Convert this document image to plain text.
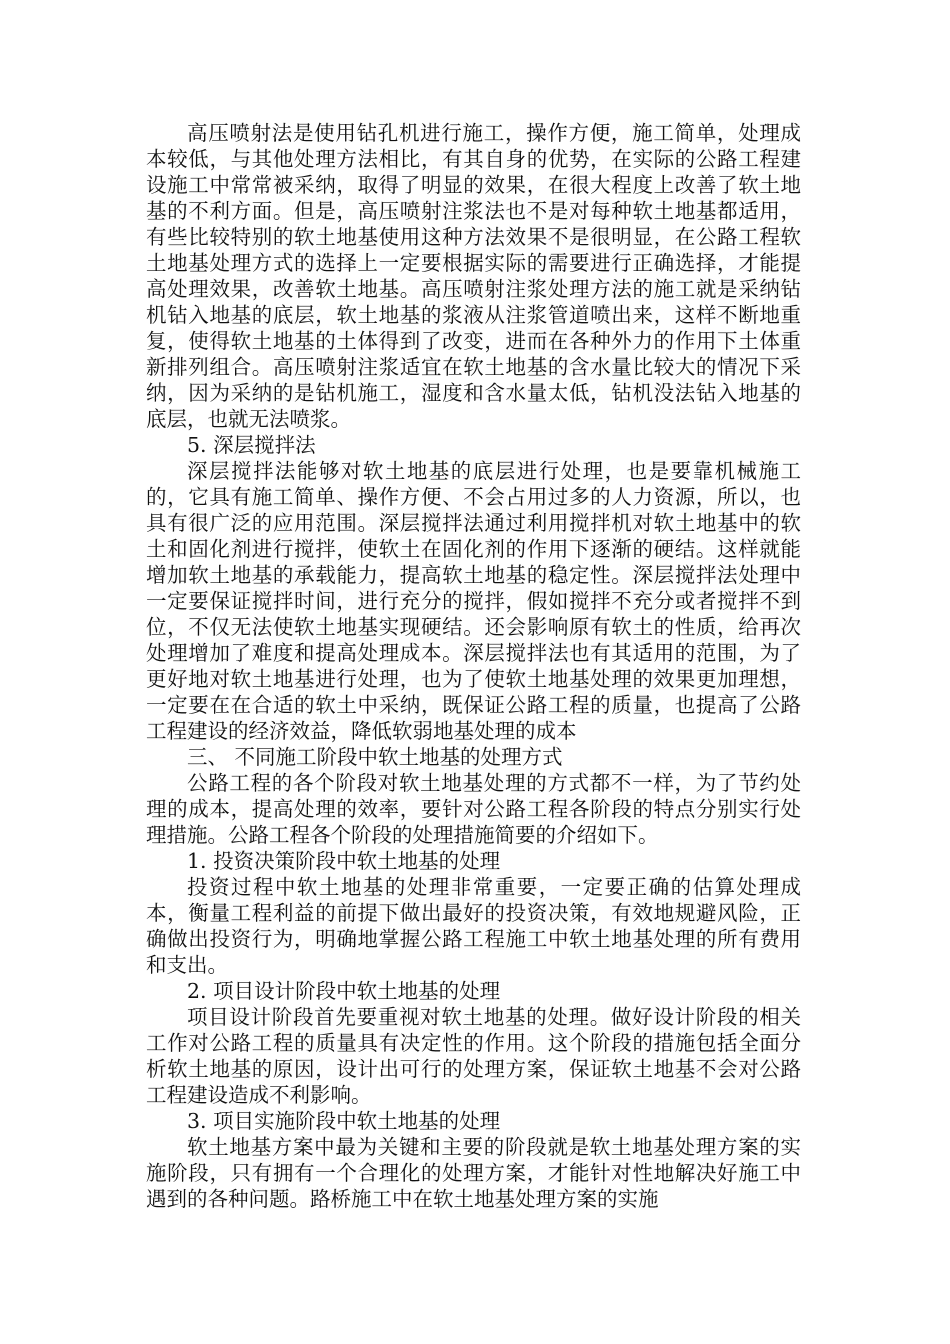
高压喷射法是使用钻孔机进行施工，操作方便，施工简单，处理成本较低，与其他处理方法相比，有其自身的优势，在实际的公路工程建设施工中常常被采纳，取得了明显的效果，在很大程度上改善了软土地基的不利方面。但是，高压喷射注浆法也不是对每种软土地基都适用，有些比较特别的软土地基使用这种方法效果不是很明显，在公路工程软土地基处理方式的选择上一定要根据实际的需要进行正确选择，才能提高处理效果，改善软土地基。高压喷射注浆处理方法的施工就是采纳钻机钻入地基的底层，软土地基的浆液从注浆管道喷出来，这样不断地重复，使得软土地基的土体得到了改变，进而在各种外力的作用下土体重新排列组合。高压喷射注浆适宜在软土地基的含水量比较大的情况下采纳，因为采纳的是钻机施工，湿度和含水量太低，钻机没法钻入地基的底层，也就无法喷浆。

5. 深层搅拌法

深层搅拌法能够对软土地基的底层进行处理，也是要靠机械施工的，它具有施工简单、操作方便、不会占用过多的人力资源，所以，也具有很广泛的应用范围。深层搅拌法通过利用搅拌机对软土地基中的软土和固化剂进行搅拌，使软土在固化剂的作用下逐渐的硬结。这样就能增加软土地基的承载能力，提高软土地基的稳定性。深层搅拌法处理中一定要保证搅拌时间，进行充分的搅拌，假如搅拌不充分或者搅拌不到位，不仅无法使软土地基实现硬结。还会影响原有软土的性质，给再次处理增加了难度和提高处理成本。深层搅拌法也有其适用的范围，为了更好地对软土地基进行处理，也为了使软土地基处理的效果更加理想，一定要在在合适的软土中采纳，既保证公路工程的质量，也提高了公路工程建设的经济效益，降低软弱地基处理的成本

三、 不同施工阶段中软土地基的处理方式

公路工程的各个阶段对软土地基处理的方式都不一样，为了节约处理的成本，提高处理的效率，要针对公路工程各阶段的特点分别实行处理措施。公路工程各个阶段的处理措施简要的介绍如下。

1. 投资决策阶段中软土地基的处理

投资过程中软土地基的处理非常重要，一定要正确的估算处理成本，衡量工程利益的前提下做出最好的投资决策，有效地规避风险，正确做出投资行为，明确地掌握公路工程施工中软土地基处理的所有费用和支出。

2. 项目设计阶段中软土地基的处理

项目设计阶段首先要重视对软土地基的处理。做好设计阶段的相关工作对公路工程的质量具有决定性的作用。这个阶段的措施包括全面分析软土地基的原因，设计出可行的处理方案，保证软土地基不会对公路工程建设造成不利影响。

3. 项目实施阶段中软土地基的处理

软土地基方案中最为关键和主要的阶段就是软土地基处理方案的实施阶段，只有拥有一个合理化的处理方案，才能针对性地解决好施工中遇到的各种问题。路桥施工中在软土地基处理方案的实施
